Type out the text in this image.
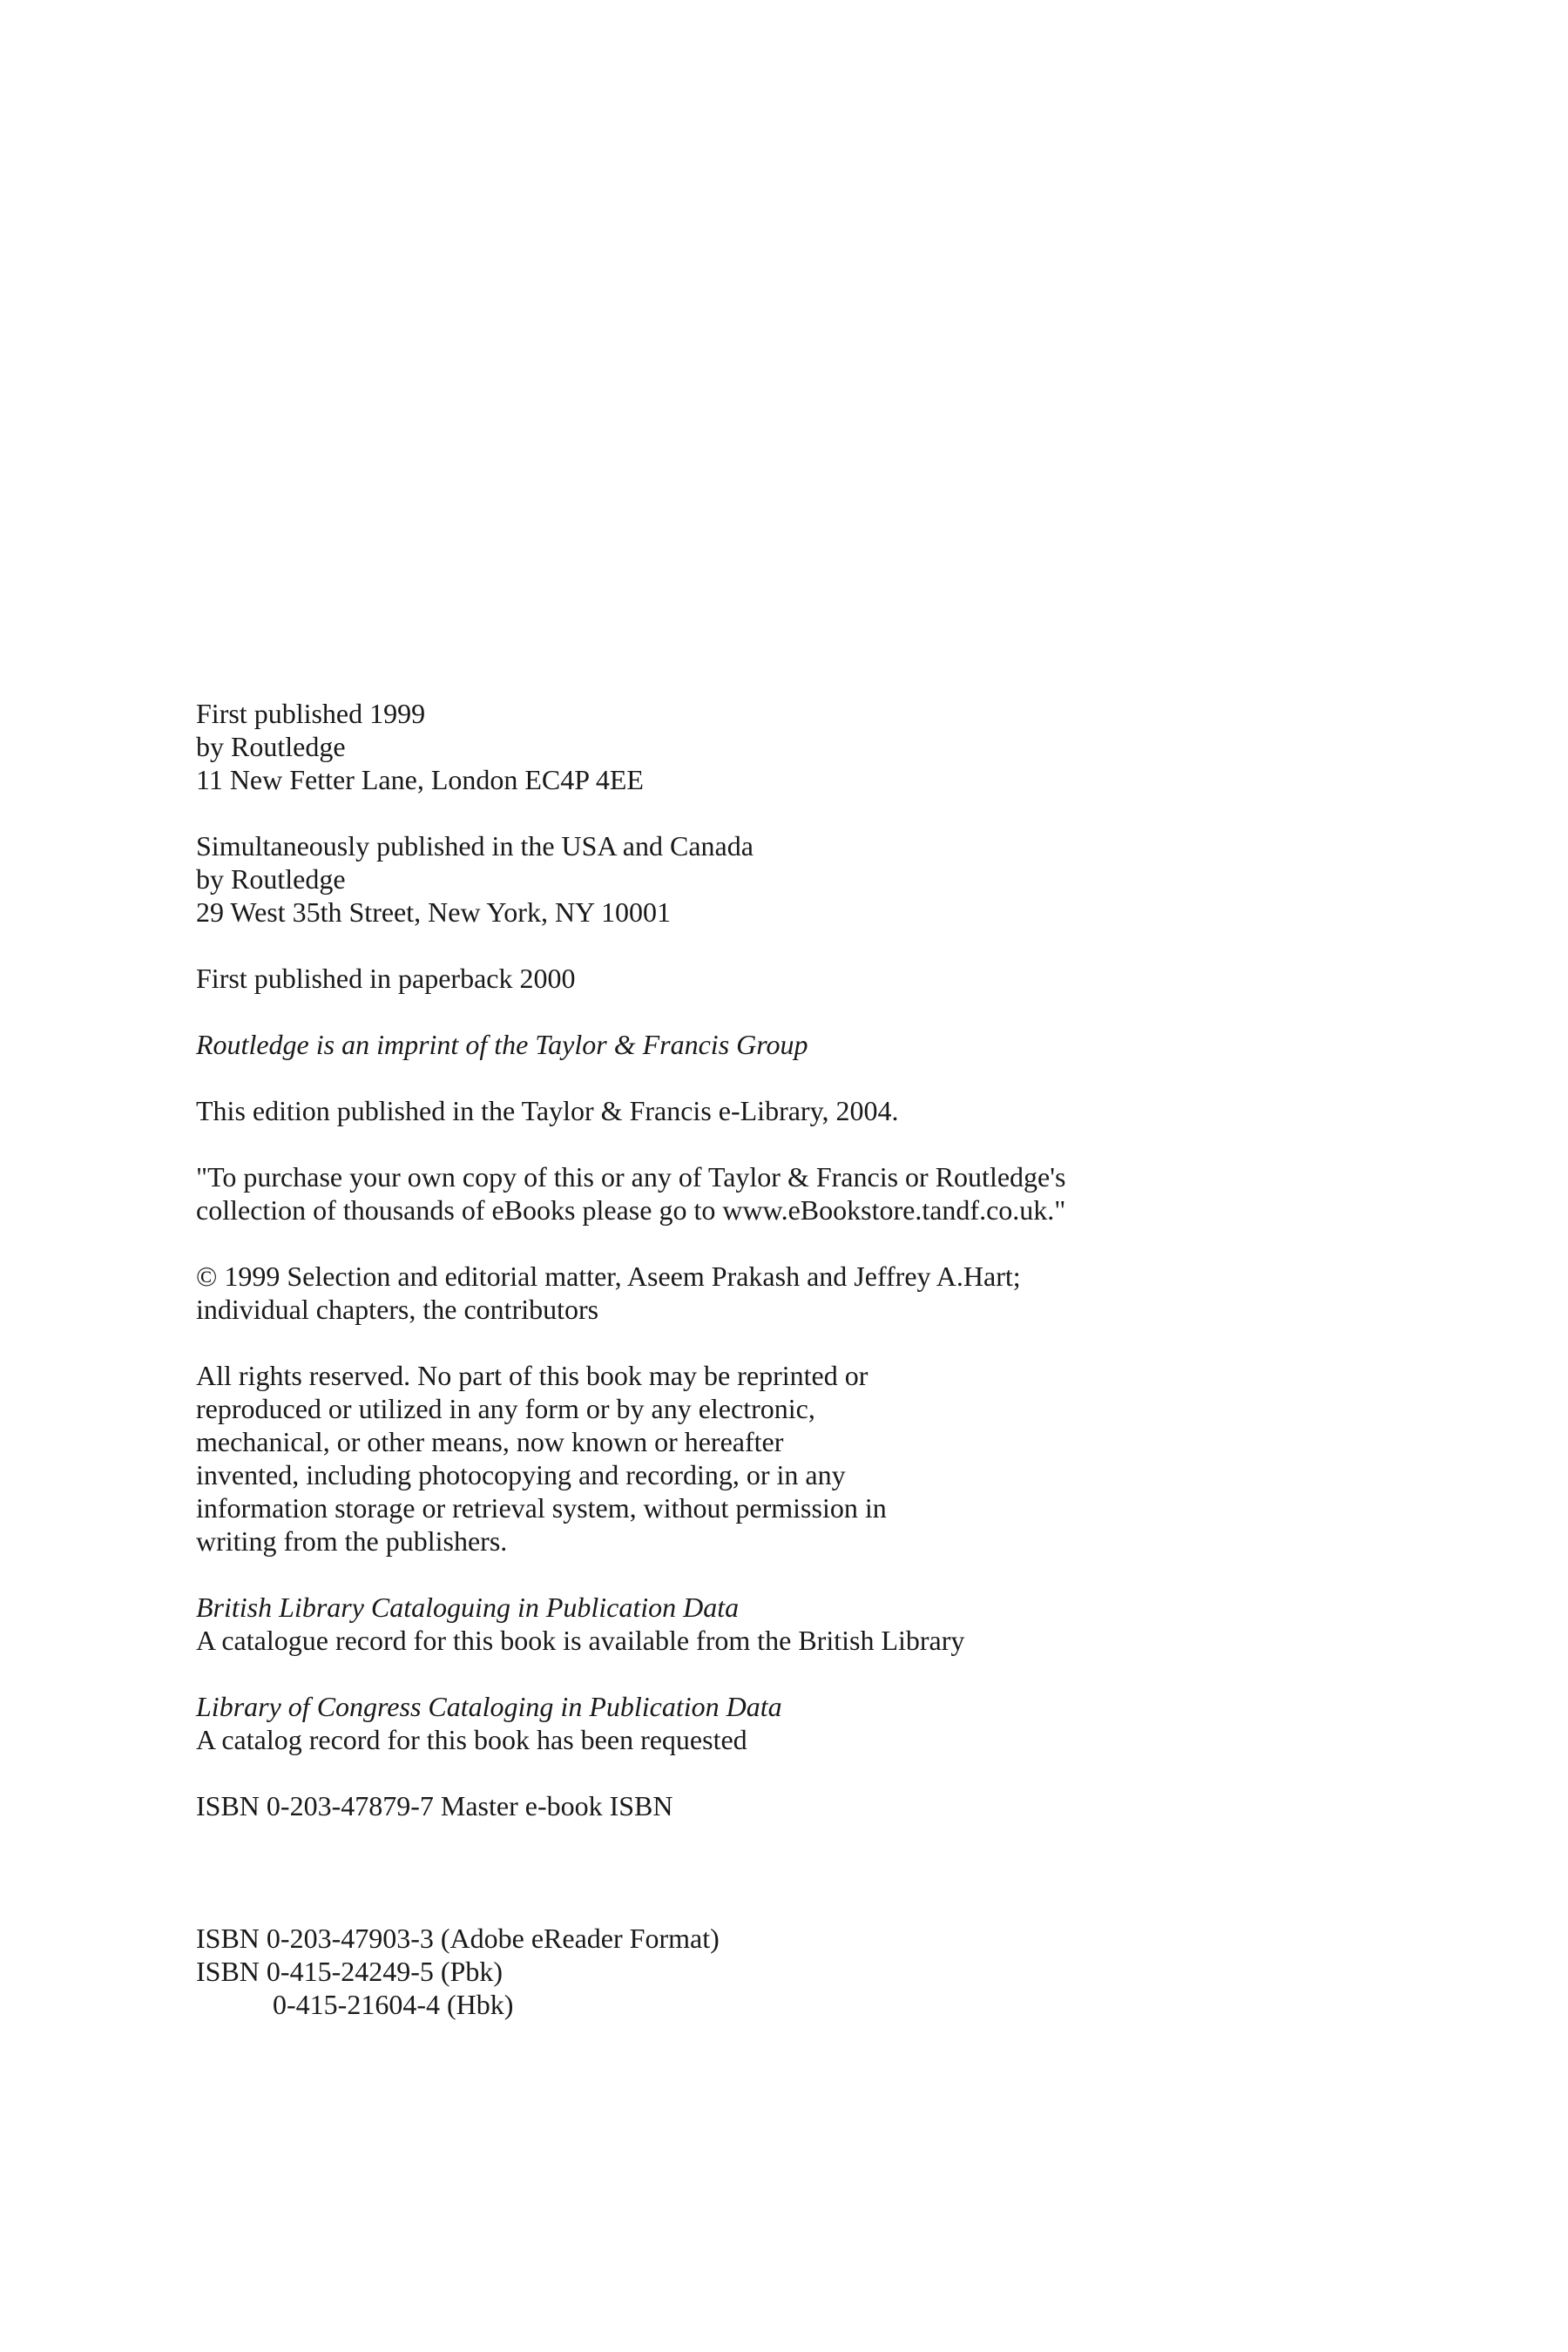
First published 1999
by Routledge
11 New Fetter Lane, London EC4P 4EE
Simultaneously published in the USA and Canada
by Routledge
29 West 35th Street, New York, NY 10001
First published in paperback 2000
Routledge is an imprint of the Taylor & Francis Group
This edition published in the Taylor & Francis e-Library, 2004.
"To purchase your own copy of this or any of Taylor & Francis or Routledge's
collection of thousands of eBooks please go to www.eBookstore.tandf.co.uk."
© 1999 Selection and editorial matter, Aseem Prakash and Jeffrey A.Hart;
individual chapters, the contributors
All rights reserved. No part of this book may be reprinted or
reproduced or utilized in any form or by any electronic,
mechanical, or other means, now known or hereafter
invented, including photocopying and recording, or in any
information storage or retrieval system, without permission in
writing from the publishers.
British Library Cataloguing in Publication Data
A catalogue record for this book is available from the British Library
Library of Congress Cataloging in Publication Data
A catalog record for this book has been requested
ISBN 0-203-47879-7 Master e-book ISBN
ISBN 0-203-47903-3 (Adobe eReader Format)
ISBN 0-415-24249-5 (Pbk)
0-415-21604-4 (Hbk)
